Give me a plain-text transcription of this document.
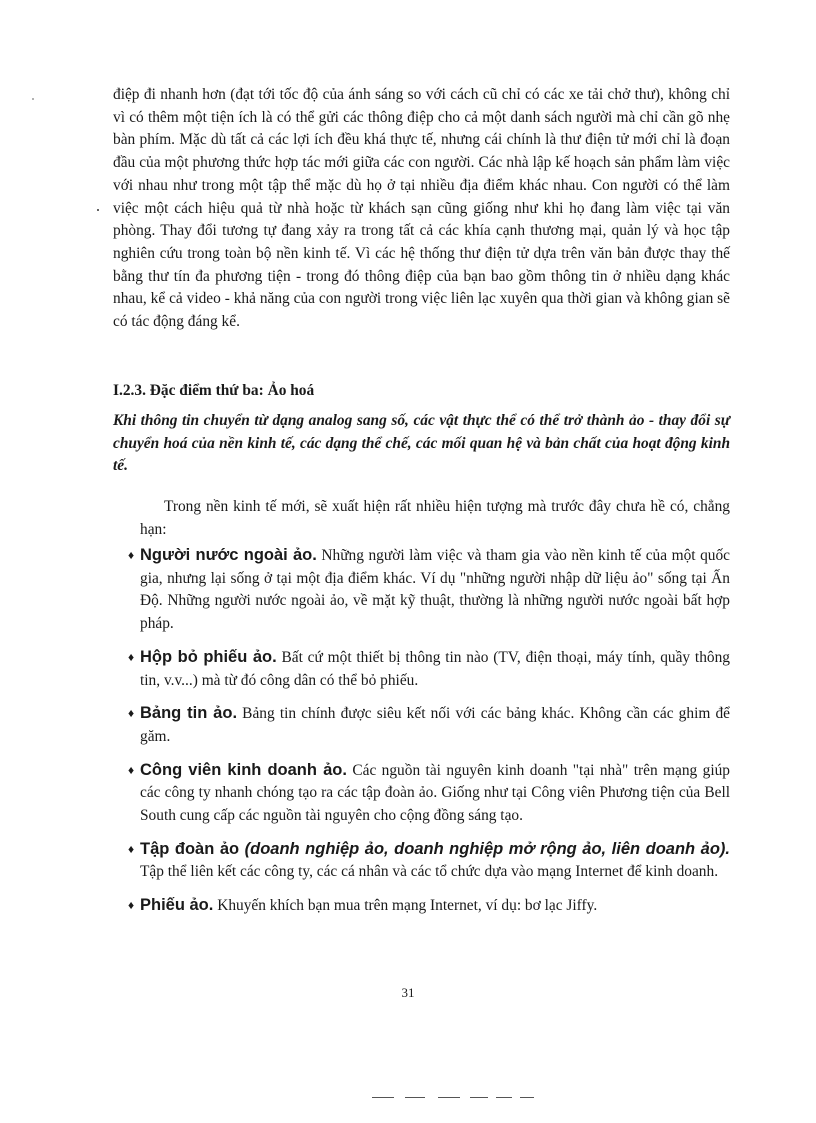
điệp đi nhanh hơn (đạt tới tốc độ của ánh sáng so với cách cũ chỉ có các xe tải chở thư), không chỉ vì có thêm một tiện ích là có thể gửi các thông điệp cho cả một danh sách người mà chỉ cần gõ nhẹ bàn phím. Mặc dù tất cả các lợi ích đều khá thực tế, nhưng cái chính là thư điện tử mới chỉ là đoạn đầu của một phương thức hợp tác mới giữa các con người. Các nhà lập kế hoạch sản phẩm làm việc với nhau như trong một tập thể mặc dù họ ở tại nhiều địa điểm khác nhau. Con người có thể làm việc một cách hiệu quả từ nhà hoặc từ khách sạn cũng giống như khi họ đang làm việc tại văn phòng. Thay đổi tương tự đang xảy ra trong tất cả các khía cạnh thương mại, quản lý và học tập nghiên cứu trong toàn bộ nền kinh tế. Vì các hệ thống thư điện tử dựa trên văn bản được thay thế bằng thư tín đa phương tiện - trong đó thông điệp của bạn bao gồm thông tin ở nhiều dạng khác nhau, kể cả video - khả năng của con người trong việc liên lạc xuyên qua thời gian và không gian sẽ có tác động đáng kể.

I.2.3. Đặc điểm thứ ba: Ảo hoá

Khi thông tin chuyển từ dạng analog sang số, các vật thực thể có thể trở thành ảo - thay đổi sự chuyển hoá của nền kinh tế, các dạng thể chế, các mối quan hệ và bản chất của hoạt động kinh tế.

Trong nền kinh tế mới, sẽ xuất hiện rất nhiều hiện tượng mà trước đây chưa hề có, chẳng hạn:

♦ Người nước ngoài ảo. Những người làm việc và tham gia vào nền kinh tế của một quốc gia, nhưng lại sống ở tại một địa điểm khác. Ví dụ "những người nhập dữ liệu ảo" sống tại Ấn Độ. Những người nước ngoài ảo, về mặt kỹ thuật, thường là những người nước ngoài bất hợp pháp.
♦ Hộp bỏ phiếu ảo. Bất cứ một thiết bị thông tin nào (TV, điện thoại, máy tính, quầy thông tin, v.v...) mà từ đó công dân có thể bỏ phiếu.
♦ Bảng tin ảo. Bảng tin chính được siêu kết nối với các bảng khác. Không cần các ghim để găm.
♦ Công viên kinh doanh ảo. Các nguồn tài nguyên kinh doanh "tại nhà" trên mạng giúp các công ty nhanh chóng tạo ra các tập đoàn ảo. Giống như tại Công viên Phương tiện của Bell South cung cấp các nguồn tài nguyên cho cộng đồng sáng tạo.
♦ Tập đoàn ảo (doanh nghiệp ảo, doanh nghiệp mở rộng ảo, liên doanh ảo). Tập thể liên kết các công ty, các cá nhân và các tổ chức dựa vào mạng Internet để kinh doanh.
♦ Phiếu ảo. Khuyến khích bạn mua trên mạng Internet, ví dụ: bơ lạc Jiffy.

31
